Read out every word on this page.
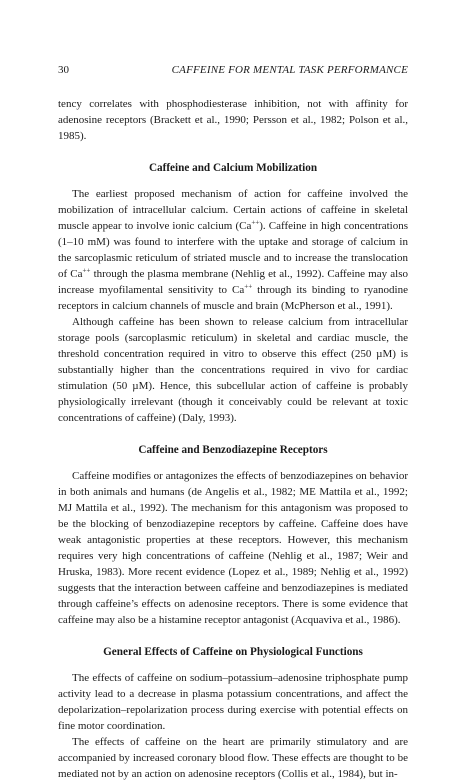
30	CAFFEINE FOR MENTAL TASK PERFORMANCE

tency correlates with phosphodiesterase inhibition, not with affinity for adenosine receptors (Brackett et al., 1990; Persson et al., 1982; Polson et al., 1985).

Caffeine and Calcium Mobilization

The earliest proposed mechanism of action for caffeine involved the mobilization of intracellular calcium. Certain actions of caffeine in skeletal muscle appear to involve ionic calcium (Ca++). Caffeine in high concentrations (1–10 mM) was found to interfere with the uptake and storage of calcium in the sarcoplasmic reticulum of striated muscle and to increase the translocation of Ca++ through the plasma membrane (Nehlig et al., 1992). Caffeine may also increase myofilamental sensitivity to Ca++ through its binding to ryanodine receptors in calcium channels of muscle and brain (McPherson et al., 1991).

Although caffeine has been shown to release calcium from intracellular storage pools (sarcoplasmic reticulum) in skeletal and cardiac muscle, the threshold concentration required in vitro to observe this effect (250 µM) is substantially higher than the concentrations required in vivo for cardiac stimulation (50 µM). Hence, this subcellular action of caffeine is probably physiologically irrelevant (though it conceivably could be relevant at toxic concentrations of caffeine) (Daly, 1993).

Caffeine and Benzodiazepine Receptors

Caffeine modifies or antagonizes the effects of benzodiazepines on behavior in both animals and humans (de Angelis et al., 1982; ME Mattila et al., 1992; MJ Mattila et al., 1992). The mechanism for this antagonism was proposed to be the blocking of benzodiazepine receptors by caffeine. Caffeine does have weak antagonistic properties at these receptors. However, this mechanism requires very high concentrations of caffeine (Nehlig et al., 1987; Weir and Hruska, 1983). More recent evidence (Lopez et al., 1989; Nehlig et al., 1992) suggests that the interaction between caffeine and benzodiazepines is mediated through caffeine’s effects on adenosine receptors. There is some evidence that caffeine may also be a histamine receptor antagonist (Acquaviva et al., 1986).

General Effects of Caffeine on Physiological Functions

The effects of caffeine on sodium–potassium–adenosine triphosphate pump activity lead to a decrease in plasma potassium concentrations, and affect the depolarization–repolarization process during exercise with potential effects on fine motor coordination.

The effects of caffeine on the heart are primarily stimulatory and are accompanied by increased coronary blood flow. These effects are thought to be mediated not by an action on adenosine receptors (Collis et al., 1984), but in-
